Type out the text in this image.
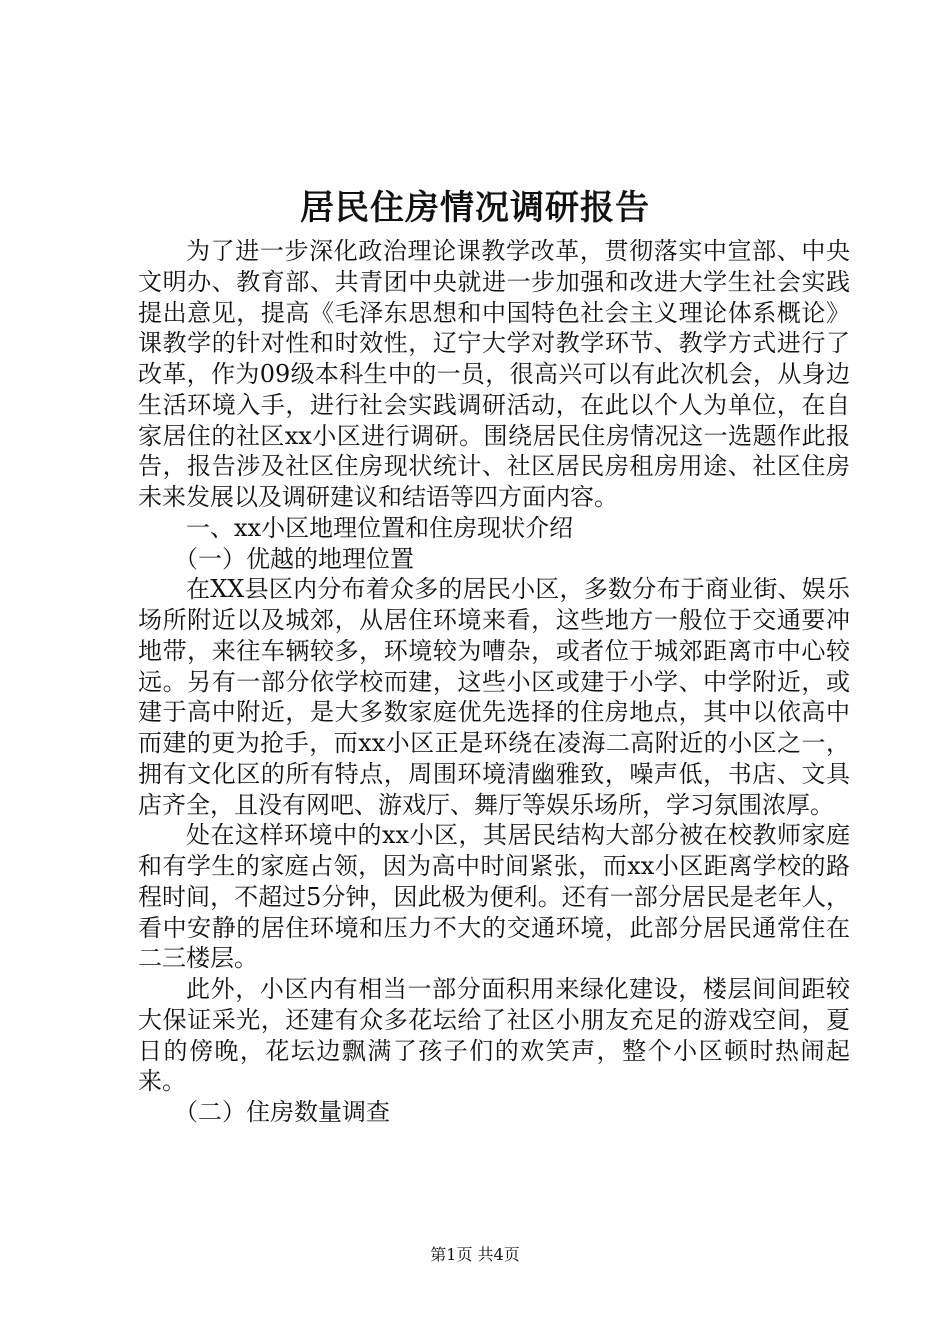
居民住房情况调研报告

为了进一步深化政治理论课教学改革，贯彻落实中宣部、中央文明办、教育部、共青团中央就进一步加强和改进大学生社会实践提出意见，提高《毛泽东思想和中国特色社会主义理论体系概论》课教学的针对性和时效性，辽宁大学对教学环节、教学方式进行了改革，作为09级本科生中的一员，很高兴可以有此次机会，从身边生活环境入手，进行社会实践调研活动，在此以个人为单位，在自家居住的社区xx小区进行调研。围绕居民住房情况这一选题作此报告，报告涉及社区住房现状统计、社区居民房租房用途、社区住房未来发展以及调研建议和结语等四方面内容。

一、xx小区地理位置和住房现状介绍

（一）优越的地理位置

在XX县区内分布着众多的居民小区，多数分布于商业街、娱乐场所附近以及城郊，从居住环境来看，这些地方一般位于交通要冲地带，来往车辆较多，环境较为嘈杂，或者位于城郊距离市中心较远。另有一部分依学校而建，这些小区或建于小学、中学附近，或建于高中附近，是大多数家庭优先选择的住房地点，其中以依高中而建的更为抢手，而xx小区正是环绕在凌海二高附近的小区之一，拥有文化区的所有特点，周围环境清幽雅致，噪声低，书店、文具店齐全，且没有网吧、游戏厅、舞厅等娱乐场所，学习氛围浓厚。

处在这样环境中的xx小区，其居民结构大部分被在校教师家庭和有学生的家庭占领，因为高中时间紧张，而xx小区距离学校的路程时间，不超过5分钟，因此极为便利。还有一部分居民是老年人，看中安静的居住环境和压力不大的交通环境，此部分居民通常住在二三楼层。

此外，小区内有相当一部分面积用来绿化建设，楼层间间距较大保证采光，还建有众多花坛给了社区小朋友充足的游戏空间，夏日的傍晚，花坛边飘满了孩子们的欢笑声，整个小区顿时热闹起来。

（二）住房数量调查

第1页 共4页
